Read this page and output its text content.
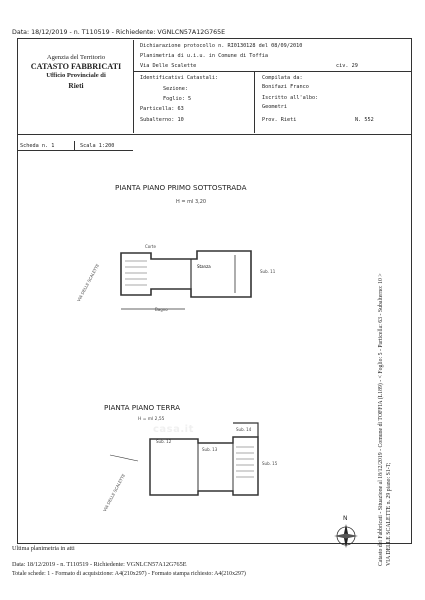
Data: 18/12/2019 - n. T110519 - Richiedente: VGNLCN57A12G765E
Agenzia del Territorio
CATASTO FABBRICATI
Ufficio Provinciale di
Rieti
Dichiarazione protocollo n. RI0130128 del 08/09/2010
Planimetria di u.i.u. in Comune di Toffia
Via Delle Scalette	civ. 29
Identificativi Catastali:
Sezione:
Foglio: 5
Particella: 63
Subalterno: 10
Compilata da:
Bonifazi Franco
Iscritto all'albo:
Geometri
Prov. Rieti	N. 552
Scheda n. 1	Scala 1:200
PIANTA PIANO PRIMO SOTTOSTRADA
H = ml 3,20
Stanza
Bagno
Corte
Sub. 11
VIA DELLE SCALETTE
PIANTA PIANO TERRA
H = ml 2,55
casa.it
Sub. 12
Sub. 13
Sub. 14
Sub. 15
VIA DELLE SCALETTE
N	Catasto dei Fabbricati - Situazione al 18/12/2019 - Comune di TOFFIA (L189) - < Foglio: 5 - Particella: 63 - Subalterno: 10 > VIA DELLE SCALETTE n. 29 piano: S1-T;
Ultima planimetria in atti
Data: 18/12/2019 - n. T110519 - Richiedente: VGNLCN57A12G765E
Totale schede: 1 - Formato di acquisizione: A4(210x297) - Formato stampa richiesto: A4(210x297)
